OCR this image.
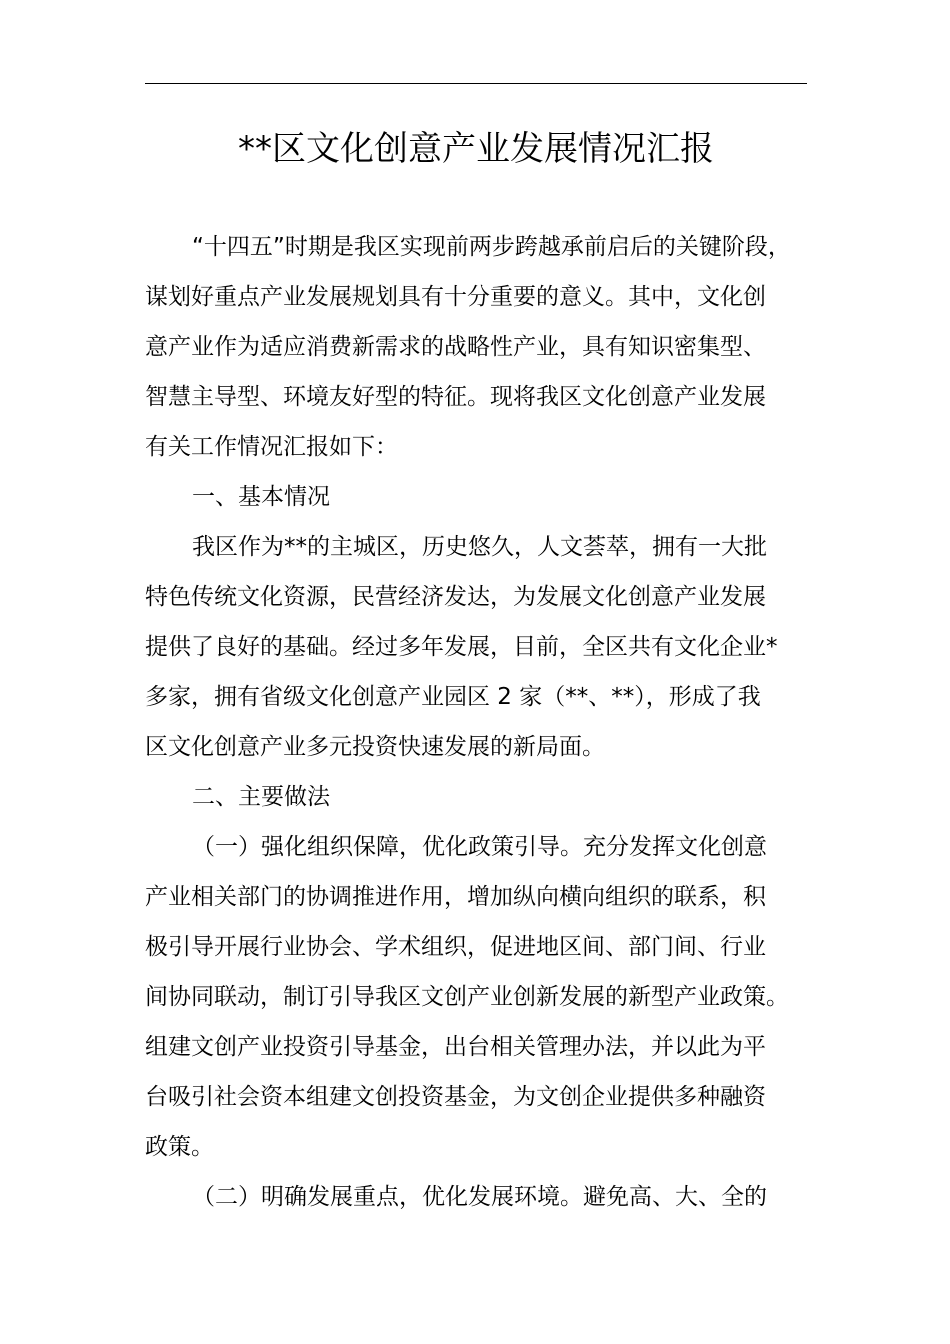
**区文化创意产业发展情况汇报
“十四五”时期是我区实现前两步跨越承前启后的关键阶段，
谋划好重点产业发展规划具有十分重要的意义。其中，文化创
意产业作为适应消费新需求的战略性产业，具有知识密集型、
智慧主导型、环境友好型的特征。现将我区文化创意产业发展
有关工作情况汇报如下：
一、基本情况
我区作为**的主城区，历史悠久，人文荟萃，拥有一大批
特色传统文化资源，民营经济发达，为发展文化创意产业发展
提供了良好的基础。经过多年发展，目前，全区共有文化企业*
多家，拥有省级文化创意产业园区 2 家（**、**），形成了我
区文化创意产业多元投资快速发展的新局面。
二、主要做法
（一）强化组织保障，优化政策引导。充分发挥文化创意
产业相关部门的协调推进作用，增加纵向横向组织的联系，积
极引导开展行业协会、学术组织，促进地区间、部门间、行业
间协同联动，制订引导我区文创产业创新发展的新型产业政策。
组建文创产业投资引导基金，出台相关管理办法，并以此为平
台吸引社会资本组建文创投资基金，为文创企业提供多种融资
政策。
（二）明确发展重点，优化发展环境。避免高、大、全的
